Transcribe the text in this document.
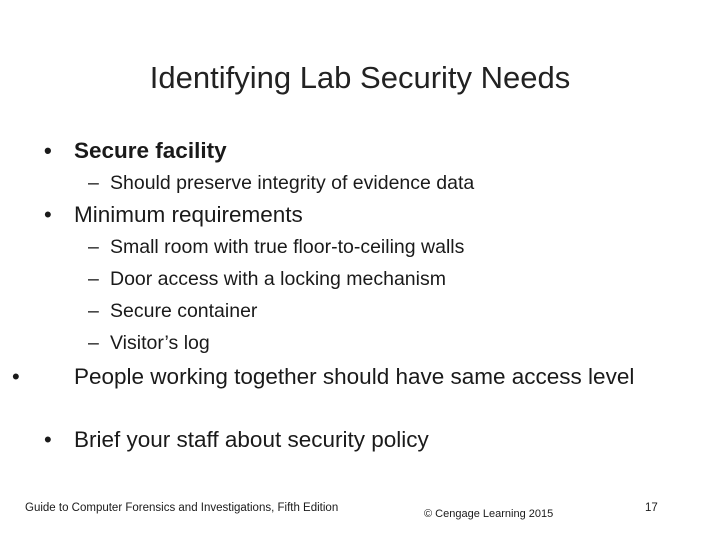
Identifying Lab Security Needs
• Secure facility
– Should preserve integrity of evidence data
• Minimum requirements
– Small room with true floor-to-ceiling walls
– Door access with a locking mechanism
– Secure container
– Visitor’s log
• People working together should have same access level
• Brief your staff about security policy
Guide to Computer Forensics and Investigations, Fifth Edition	© Cengage Learning 2015	17
